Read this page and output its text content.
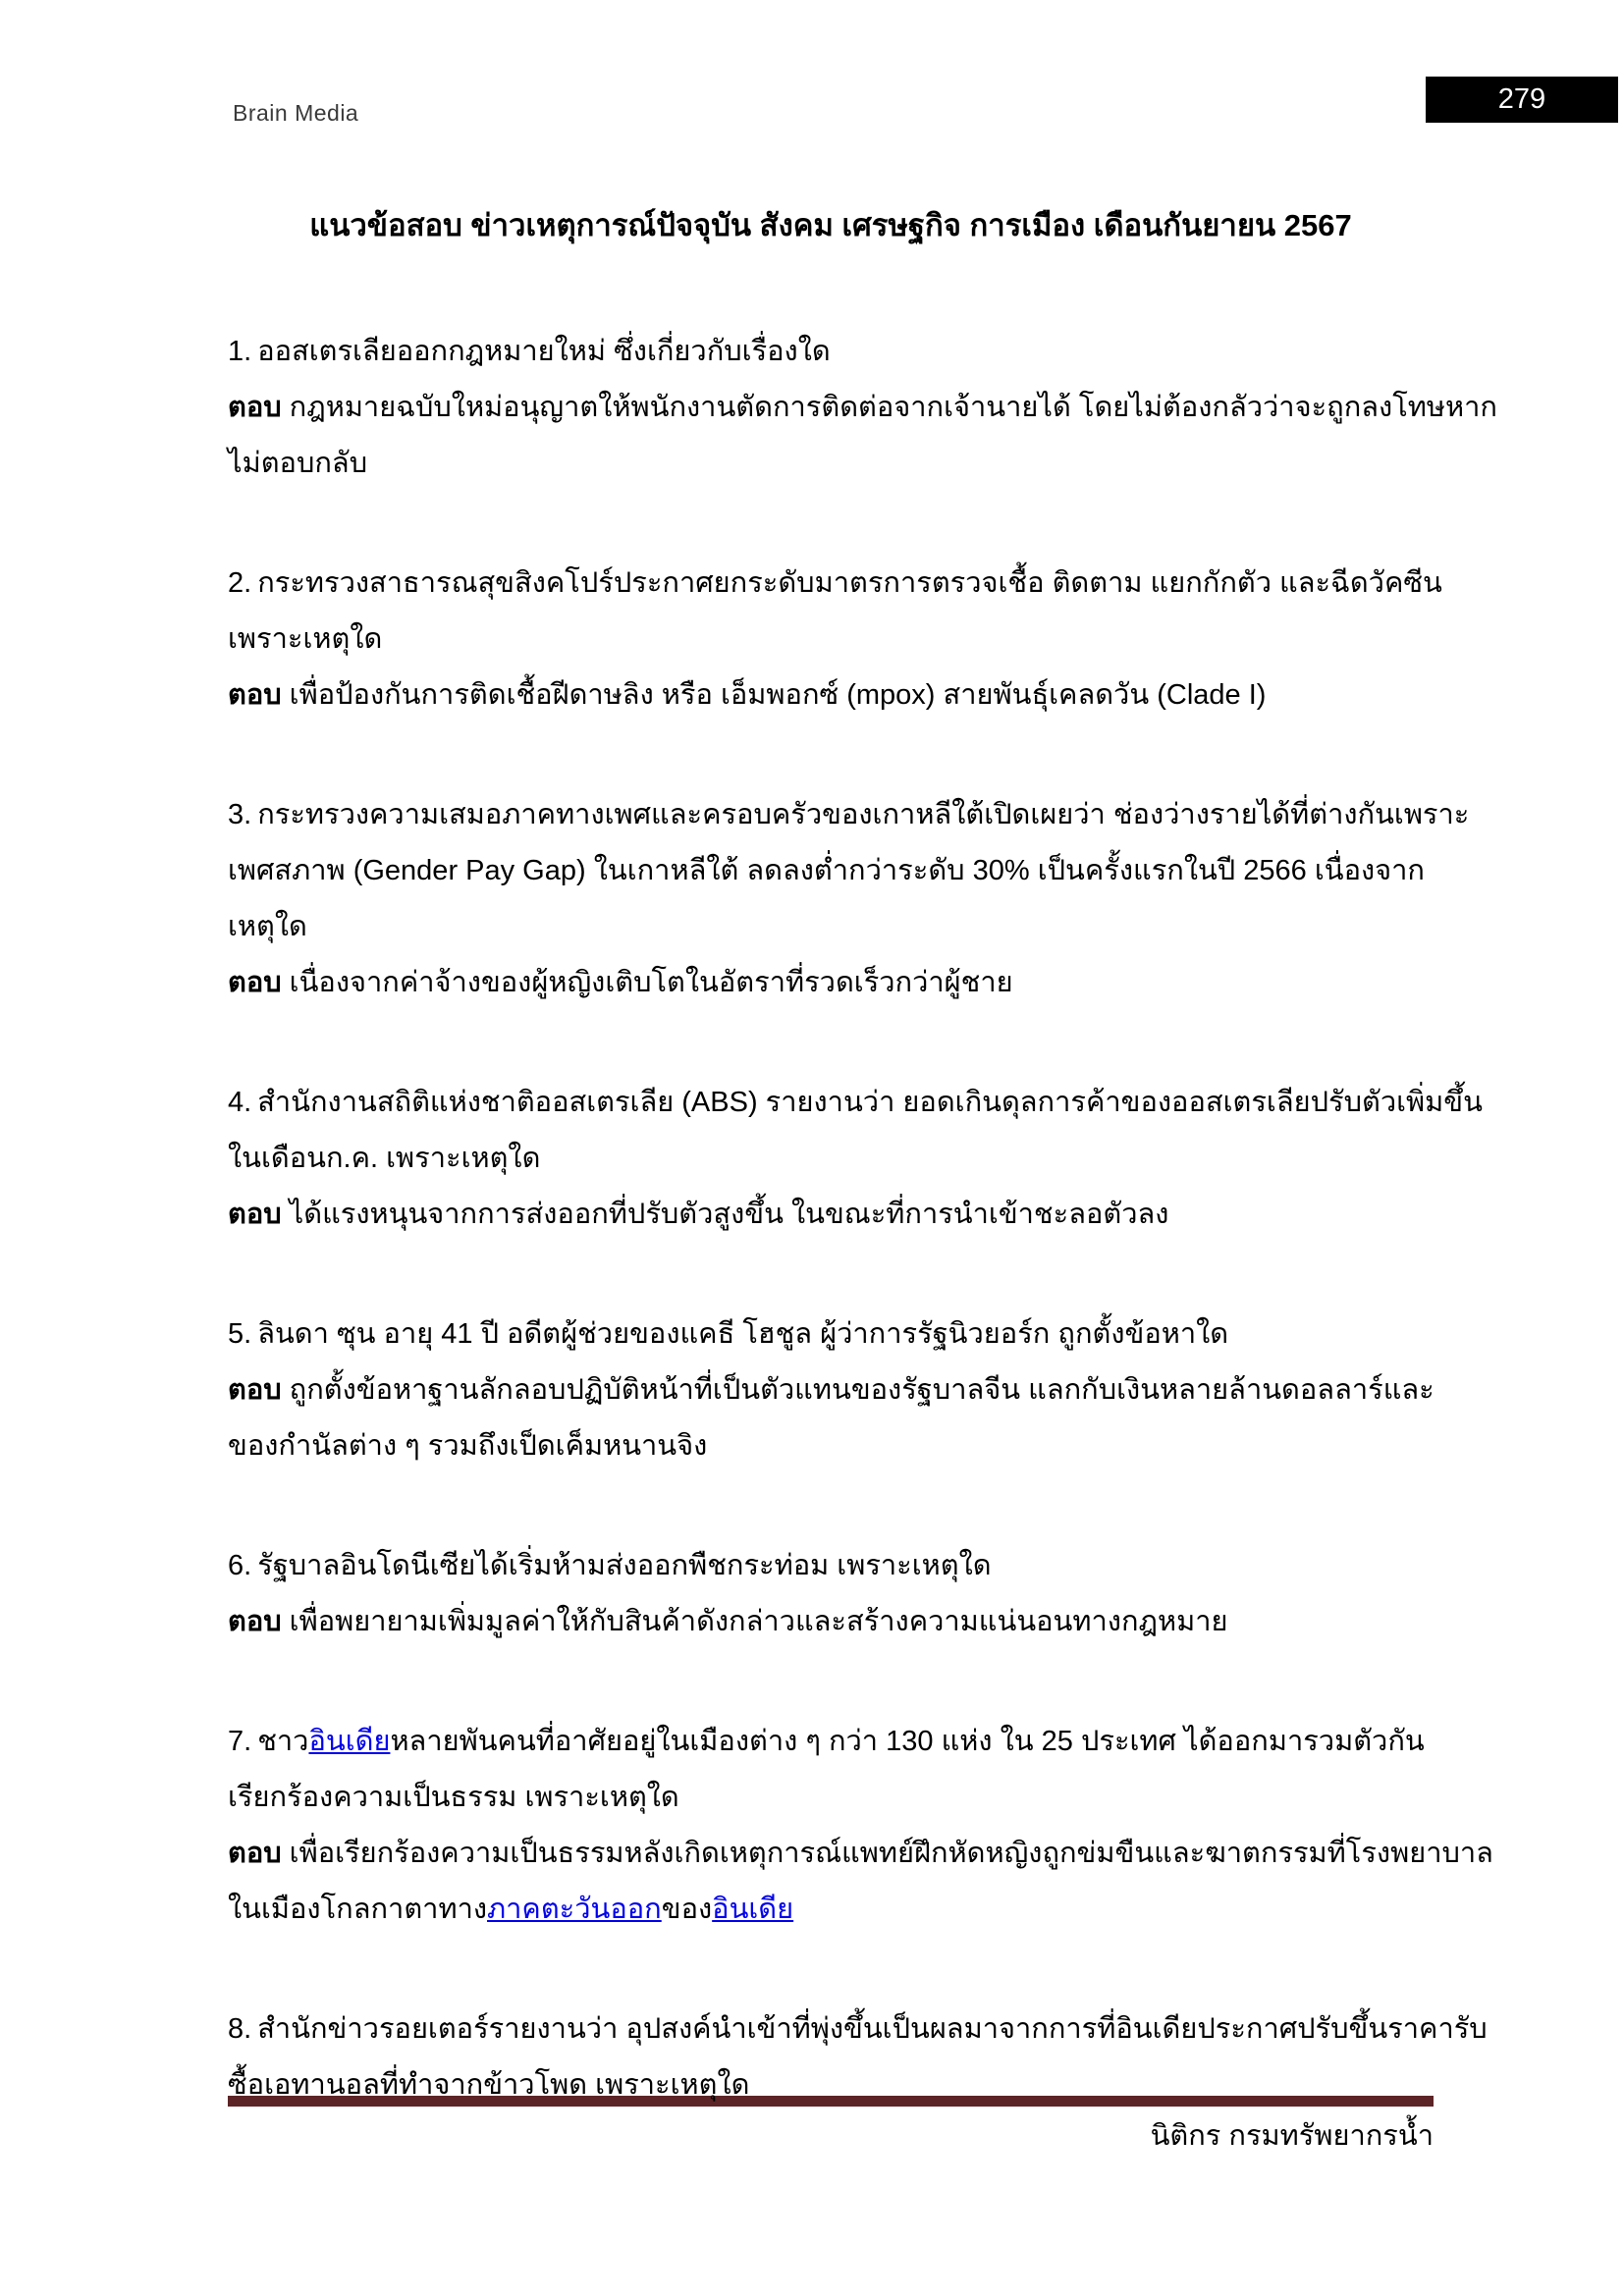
Brain Media	279
แนวข้อสอบ ข่าวเหตุการณ์ปัจจุบัน สังคม เศรษฐกิจ การเมือง เดือนกันยายน 2567
1. ออสเตรเลียออกกฎหมายใหม่ ซึ่งเกี่ยวกับเรื่องใด
ตอบ กฎหมายฉบับใหม่อนุญาตให้พนักงานตัดการติดต่อจากเจ้านายได้ โดยไม่ต้องกลัวว่าจะถูกลงโทษหาก
ไม่ตอบกลับ
2. กระทรวงสาธารณสุขสิงคโปร์ประกาศยกระดับมาตรการตรวจเชื้อ ติดตาม แยกกักตัว และฉีดวัคซีน
เพราะเหตุใด
ตอบ เพื่อป้องกันการติดเชื้อฝีดาษลิง หรือ เอ็มพอกซ์ (mpox) สายพันธุ์เคลดวัน (Clade I)
3. กระทรวงความเสมอภาคทางเพศและครอบครัวของเกาหลีใต้เปิดเผยว่า ช่องว่างรายได้ที่ต่างกันเพราะ
เพศสภาพ (Gender Pay Gap) ในเกาหลีใต้ ลดลงต่ำกว่าระดับ 30% เป็นครั้งแรกในปี 2566 เนื่องจาก
เหตุใด
ตอบ เนื่องจากค่าจ้างของผู้หญิงเติบโตในอัตราที่รวดเร็วกว่าผู้ชาย
4. สำนักงานสถิติแห่งชาติออสเตรเลีย (ABS) รายงานว่า ยอดเกินดุลการค้าของออสเตรเลียปรับตัวเพิ่มขึ้น
ในเดือนก.ค. เพราะเหตุใด
ตอบ ได้แรงหนุนจากการส่งออกที่ปรับตัวสูงขึ้น ในขณะที่การนำเข้าชะลอตัวลง
5. ลินดา ซุน อายุ 41 ปี อดีตผู้ช่วยของแคธี โฮชูล ผู้ว่าการรัฐนิวยอร์ก ถูกตั้งข้อหาใด
ตอบ ถูกตั้งข้อหาฐานลักลอบปฏิบัติหน้าที่เป็นตัวแทนของรัฐบาลจีน แลกกับเงินหลายล้านดอลลาร์และ
ของกำนัลต่าง ๆ รวมถึงเป็ดเค็มหนานจิง
6. รัฐบาลอินโดนีเซียได้เริ่มห้ามส่งออกพืชกระท่อม เพราะเหตุใด
ตอบ เพื่อพยายามเพิ่มมูลค่าให้กับสินค้าดังกล่าวและสร้างความแน่นอนทางกฎหมาย
7. ชาวอินเดียหลายพันคนที่อาศัยอยู่ในเมืองต่าง ๆ กว่า 130 แห่ง ใน 25 ประเทศ ได้ออกมารวมตัวกัน
เรียกร้องความเป็นธรรม เพราะเหตุใด
ตอบ เพื่อเรียกร้องความเป็นธรรมหลังเกิดเหตุการณ์แพทย์ฝึกหัดหญิงถูกข่มขืนและฆาตกรรมที่โรงพยาบาล
ในเมืองโกลกาตาทางภาคตะวันออกของอินเดีย
8. สำนักข่าวรอยเตอร์รายงานว่า อุปสงค์นำเข้าที่พุ่งขึ้นเป็นผลมาจากการที่อินเดียประกาศปรับขึ้นราคารับ
ซื้อเอทานอลที่ทำจากข้าวโพด เพราะเหตุใด
นิติกร กรมทรัพยากรน้ำ
